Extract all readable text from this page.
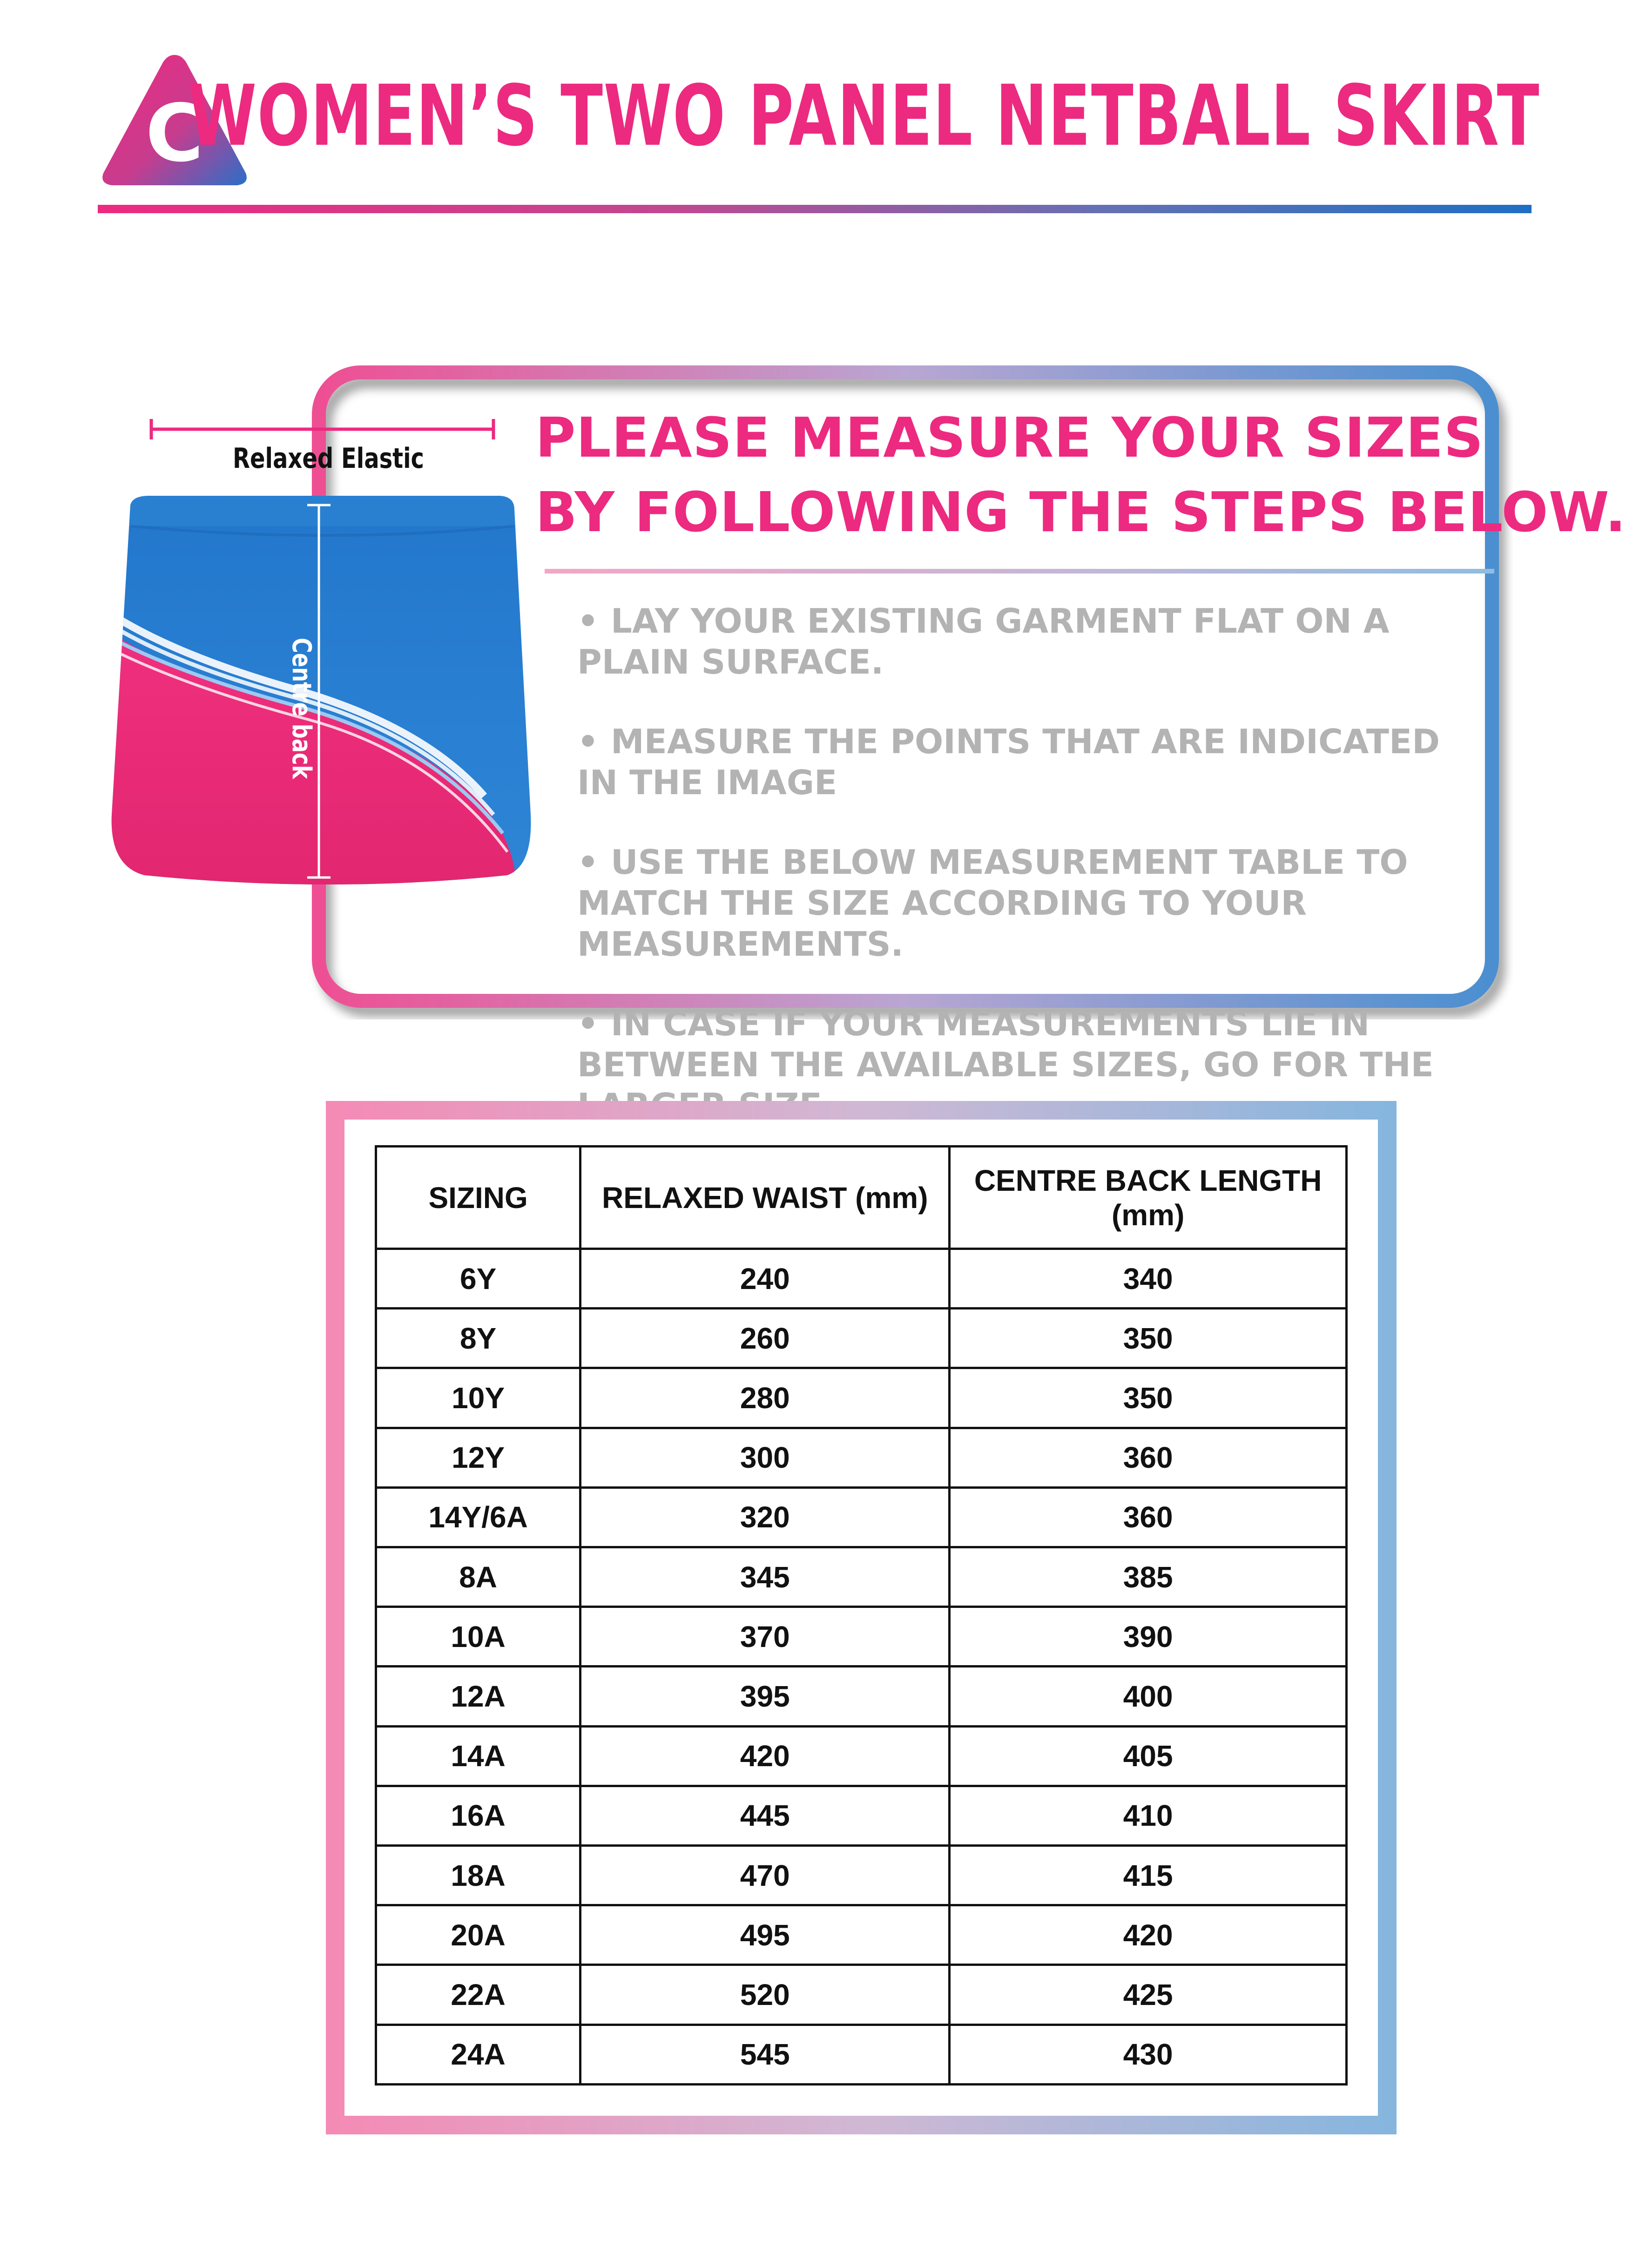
C
WOMEN’S TWO PANEL NETBALL SKIRT
PLEASE MEASURE YOUR SIZES
BY FOLLOWING THE STEPS BELOW.
• LAY YOUR EXISTING GARMENT FLAT ON A PLAIN SURFACE.
• MEASURE THE POINTS THAT ARE INDICATED IN THE IMAGE
• USE THE BELOW MEASUREMENT TABLE TO MATCH THE SIZE ACCORDING TO YOUR MEASUREMENTS.
• IN CASE IF YOUR MEASUREMENTS LIE IN BETWEEN THE AVAILABLE SIZES, GO FOR THE LARGER SIZE.
Relaxed Elastic
Centre back
SIZING	RELAXED WAIST (mm)	CENTRE BACK LENGTH (mm)
6Y	240	340
8Y	260	350
10Y	280	350
12Y	300	360
14Y/6A	320	360
8A	345	385
10A	370	390
12A	395	400
14A	420	405
16A	445	410
18A	470	415
20A	495	420
22A	520	425
24A	545	430
